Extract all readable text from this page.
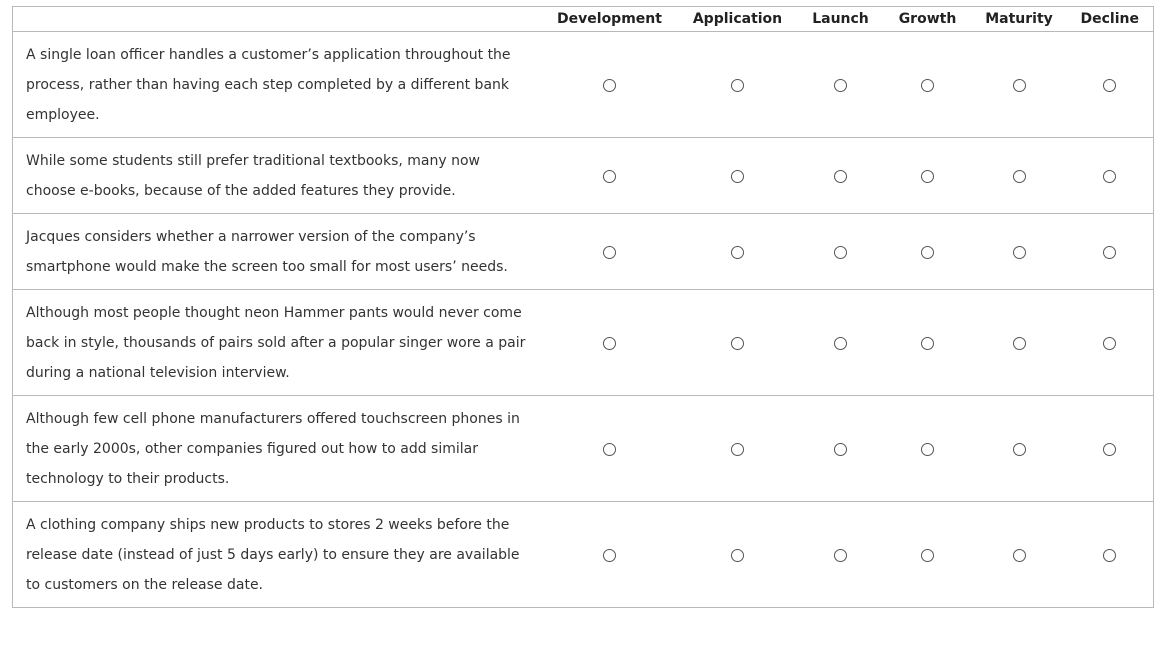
	Development	Application	Launch	Growth	Maturity	Decline
A single loan officer handles a customer’s application throughout the process, rather than having each step completed by a different bank employee.						
While some students still prefer traditional textbooks, many now choose e-books, because of the added features they provide.						
Jacques considers whether a narrower version of the company’s smartphone would make the screen too small for most users’ needs.						
Although most people thought neon Hammer pants would never come back in style, thousands of pairs sold after a popular singer wore a pair during a national television interview.						
Although few cell phone manufacturers offered touchscreen phones in the early 2000s, other companies figured out how to add similar technology to their products.						
A clothing company ships new products to stores 2 weeks before the release date (instead of just 5 days early) to ensure they are available to customers on the release date.						
